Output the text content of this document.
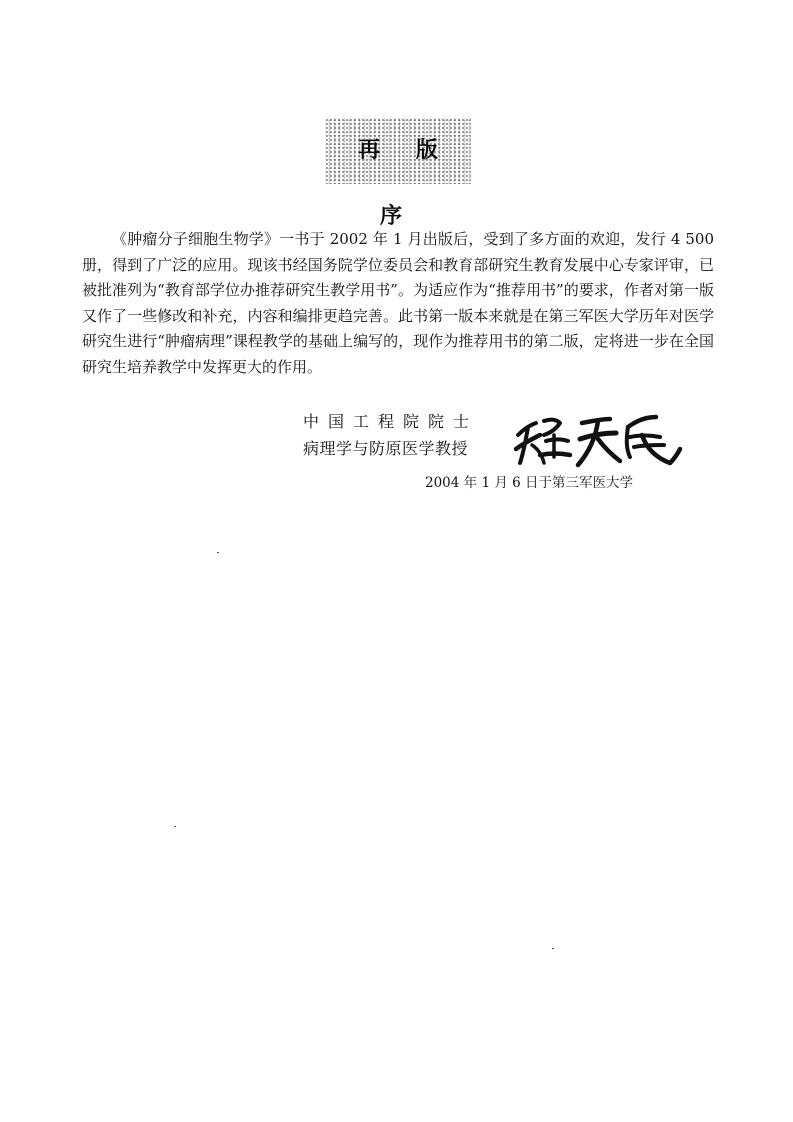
再 版 序

《肿瘤分子细胞生物学》一书于 2002 年 1 月出版后，受到了多方面的欢迎，发行 4 500 册，得到了广泛的应用。现该书经国务院学位委员会和教育部研究生教育发展中心专家评审，已被批准列为“教育部学位办推荐研究生教学用书”。为适应作为“推荐用书”的要求，作者对第一版又作了一些修改和补充，内容和编排更趋完善。此书第一版本来就是在第三军医大学历年对医学研究生进行“肿瘤病理”课程教学的基础上编写的，现作为推荐用书的第二版，定将进一步在全国研究生培养教学中发挥更大的作用。

中国工程院院士
病理学与防原医学教授
2004 年 1 月 6 日于第三军医大学
